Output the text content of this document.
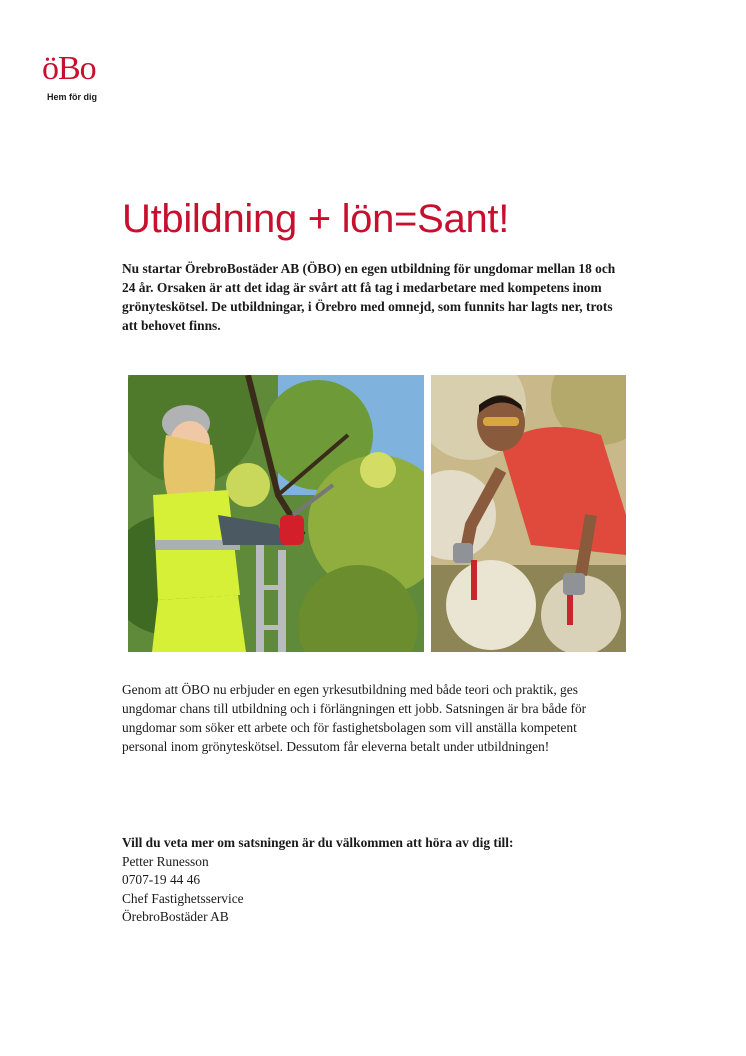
öBo
Hem för dig
Utbildning + lön=Sant!

Nu startar ÖrebroBostäder AB (ÖBO) en egen utbildning för ungdomar mellan 18 och 24 år. Orsaken är att det idag är svårt att få tag i medarbetare med kompetens inom grönyteskötsel. De utbildningar, i Örebro med omnejd, som funnits har lagts ner, trots att behovet finns.

Genom att ÖBO nu erbjuder en egen yrkesutbildning med både teori och praktik, ges ungdomar chans till utbildning och i förlängningen ett jobb. Satsningen är bra både för ungdomar som söker ett arbete och för fastighetsbolagen som vill anställa kompetent personal inom grönyteskötsel. Dessutom får eleverna betalt under utbildningen!

Vill du veta mer om satsningen är du välkommen att höra av dig till:
Petter Runesson
0707-19 44 46
Chef Fastighetsservice
ÖrebroBostäder AB
